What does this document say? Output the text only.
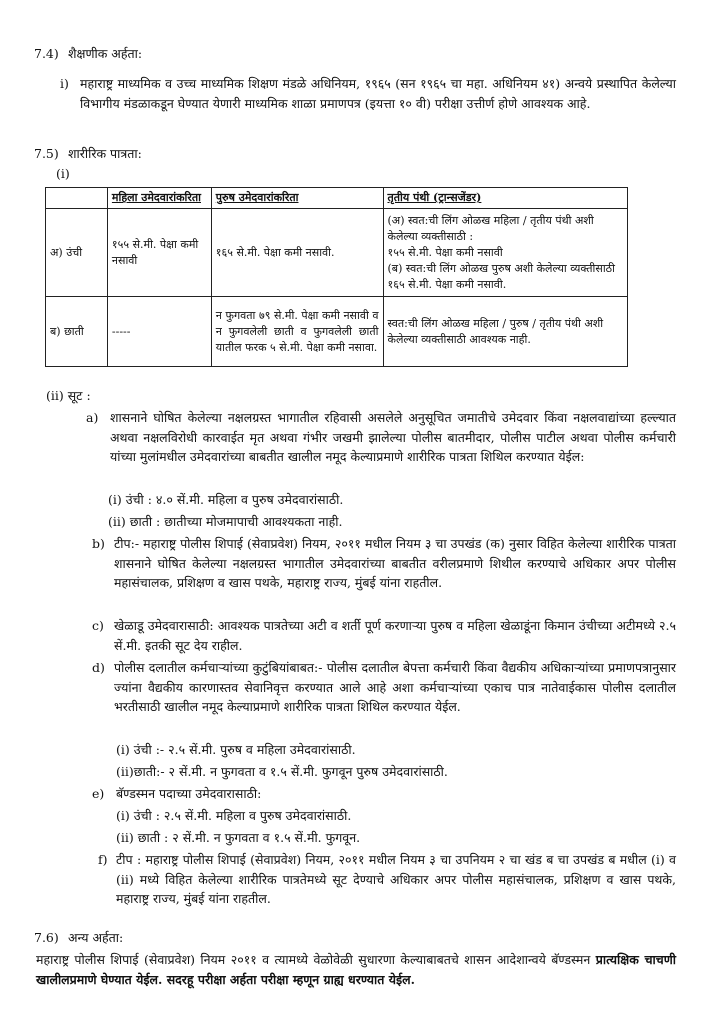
7.4) शैक्षणीक अर्हता:
i) महाराष्ट्र माध्यमिक व उच्च माध्यमिक शिक्षण मंडळे अधिनियम, १९६५ (सन १९६५ चा महा. अधिनियम ४१) अन्वये प्रस्थापित केलेल्या विभागीय मंडळाकडून घेण्यात येणारी माध्यमिक शाळा प्रमाणपत्र (इयत्ता १० वी) परीक्षा उत्तीर्ण होणे आवश्यक आहे.
7.5) शारीरिक पात्रता:
(i)
	महिला उमेदवारांकरिता	पुरुष उमेदवारांकरिता	तृतीय पंथी (ट्रान्सजेंडर)
अ) उंची	१५५ से.मी. पेक्षा कमी नसावी	१६५ से.मी. पेक्षा कमी नसावी.	(अ) स्वत:ची लिंग ओळख महिला / तृतीय पंथी अशी केलेल्या व्यक्तीसाठी :
१५५ से.मी. पेक्षा कमी नसावी
(ब) स्वत:ची लिंग ओळख पुरुष अशी केलेल्या व्यक्तीसाठी १६५ से.मी. पेक्षा कमी नसावी.

ब) छाती	-----	न फुगवता ७९ से.मी. पेक्षा कमी नसावी व न फुगवलेली छाती व फुगवलेली छाती यातील फरक ५ से.मी. पेक्षा कमी नसावा.	स्वत:ची लिंग ओळख महिला / पुरुष / तृतीय पंथी अशी केलेल्या व्यक्तीसाठी आवश्यक नाही.
(ii) सूट :
a) शासनाने घोषित केलेल्या नक्षलग्रस्त भागातील रहिवासी असलेले अनुसूचित जमातीचे उमेदवार किंवा नक्षलवाद्यांच्या हल्ल्यात अथवा नक्षलविरोधी कारवाईत मृत अथवा गंभीर जखमी झालेल्या पोलीस बातमीदार, पोलीस पाटील अथवा पोलीस कर्मचारी यांच्या मुलांमधील उमेदवारांच्या बाबतीत खालील नमूद केल्याप्रमाणे शारीरिक पात्रता शिथिल करण्यात येईल:
(i) उंची : ४.० सें.मी. महिला व पुरुष उमेदवारांसाठी.
(ii) छाती : छातीच्या मोजमापाची आवश्यकता नाही.
b) टीप:- महाराष्ट्र पोलीस शिपाई (सेवाप्रवेश) नियम, २०११ मधील नियम ३ चा उपखंड (क) नुसार विहित केलेल्या शारीरिक पात्रता शासनाने घोषित केलेल्या नक्षलग्रस्त भागातील उमेदवारांच्या बाबतीत वरीलप्रमाणे शिथील करण्याचे अधिकार अपर पोलीस महासंचालक, प्रशिक्षण व खास पथके, महाराष्ट्र राज्य, मुंबई यांना राहतील.
c) खेळाडू उमेदवारासाठी: आवश्यक पात्रतेच्या अटी व शर्ती पूर्ण करणाऱ्या पुरुष व महिला खेळाडूंना किमान उंचीच्या अटीमध्ये २.५ सें.मी. इतकी सूट देय राहील.
d) पोलीस दलातील कर्मचाऱ्यांच्या कुटुंबियांबाबत:- पोलीस दलातील बेपत्ता कर्मचारी किंवा वैद्यकीय अधिकाऱ्यांच्या प्रमाणपत्रानुसार ज्यांना वैद्यकीय कारणास्तव सेवानिवृत्त करण्यात आले आहे अशा कर्मचाऱ्यांच्या एकाच पात्र नातेवाईकास पोलीस दलातील भरतीसाठी खालील नमूद केल्याप्रमाणे शारीरिक पात्रता शिथिल करण्यात येईल.
(i) उंची :- २.५ सें.मी. पुरुष व महिला उमेदवारांसाठी.
(ii)छाती:- २ सें.मी. न फुगवता व १.५ सें.मी. फुगवून पुरुष उमेदवारांसाठी.
e) बॅण्डस्मन पदाच्या उमेदवारासाठी:
(i) उंची : २.५ सें.मी. महिला व पुरुष उमेदवारांसाठी.
(ii) छाती : २ सें.मी. न फुगवता व १.५ सें.मी. फुगवून.
f) टीप : महाराष्ट्र पोलीस शिपाई (सेवाप्रवेश) नियम, २०११ मधील नियम ३ चा उपनियम २ चा खंड ब चा उपखंड ब मधील (i) व (ii) मध्ये विहित केलेल्या शारीरिक पात्रतेमध्ये सूट देण्याचे अधिकार अपर पोलीस महासंचालक, प्रशिक्षण व खास पथके, महाराष्ट्र राज्य, मुंबई यांना राहतील.
7.6) अन्य अर्हता:
महाराष्ट्र पोलीस शिपाई (सेवाप्रवेश) नियम २०११ व त्यामध्ये वेळोवेळी सुधारणा केल्याबाबतचे शासन आदेशान्वये बॅण्डस्मन प्रात्यक्षिक चाचणी खालीलप्रमाणे घेण्यात येईल. सदरहू परीक्षा अर्हता परीक्षा म्हणून ग्राह्य धरण्यात येईल.
